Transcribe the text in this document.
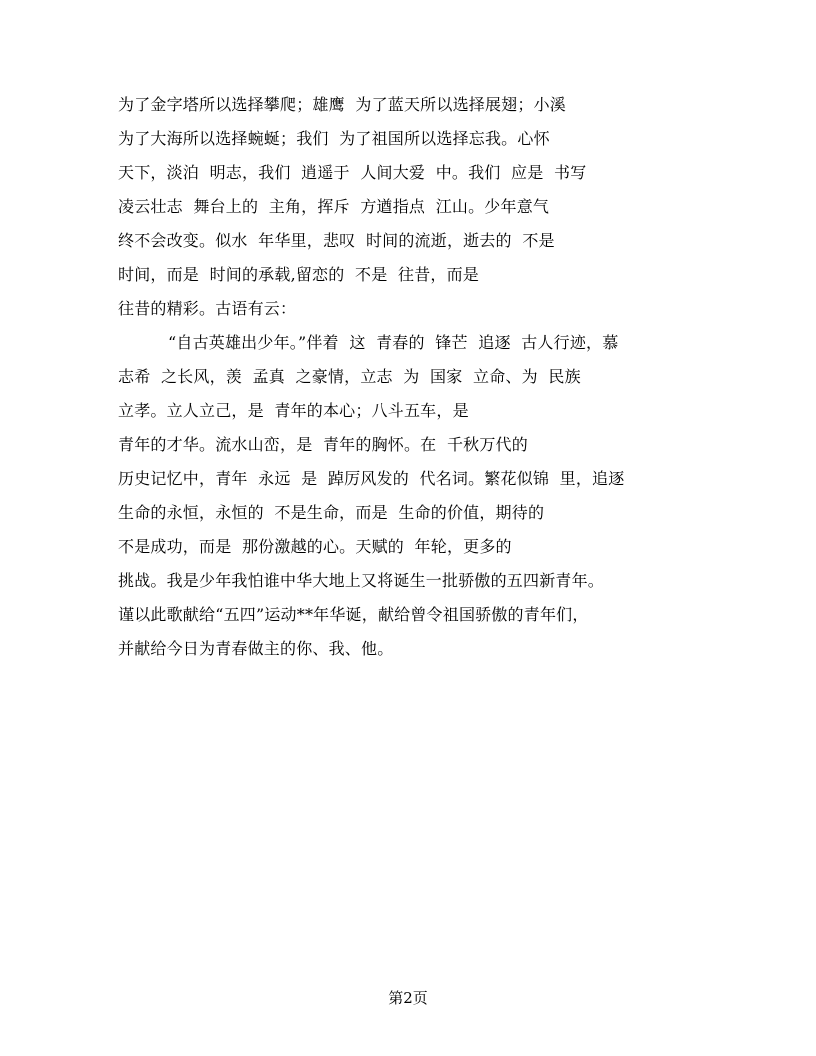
为了金字塔所以选择攀爬；雄鹰  为了蓝天所以选择展翅；小溪
为了大海所以选择蜿蜒；我们  为了祖国所以选择忘我。心怀
天下，淡泊  明志，我们  逍遥于  人间大爱  中。我们  应是  书写
凌云壮志  舞台上的  主角，挥斥  方遒指点  江山。少年意气
终不会改变。似水  年华里，悲叹  时间的流逝，逝去的  不是
时间，而是  时间的承载,留恋的  不是  往昔，而是
往昔的精彩。古语有云：
“自古英雄出少年。”伴着  这  青春的  锋芒  追逐  古人行迹，慕
志希  之长风，羡  孟真  之豪情，立志  为  国家  立命、为  民族
立孝。立人立己，是  青年的本心；八斗五车，是
青年的才华。流水山峦，是  青年的胸怀。在  千秋万代的
历史记忆中，青年  永远  是  踔厉风发的  代名词。繁花似锦  里，追逐
生命的永恒，永恒的  不是生命，而是  生命的价值，期待的
不是成功，而是  那份激越的心。天赋的  年轮，更多的
挑战。我是少年我怕谁中华大地上又将诞生一批骄傲的五四新青年。
谨以此歌献给“五四”运动**年华诞，献给曾令祖国骄傲的青年们，
并献给今日为青春做主的你、我、他。
第2页
